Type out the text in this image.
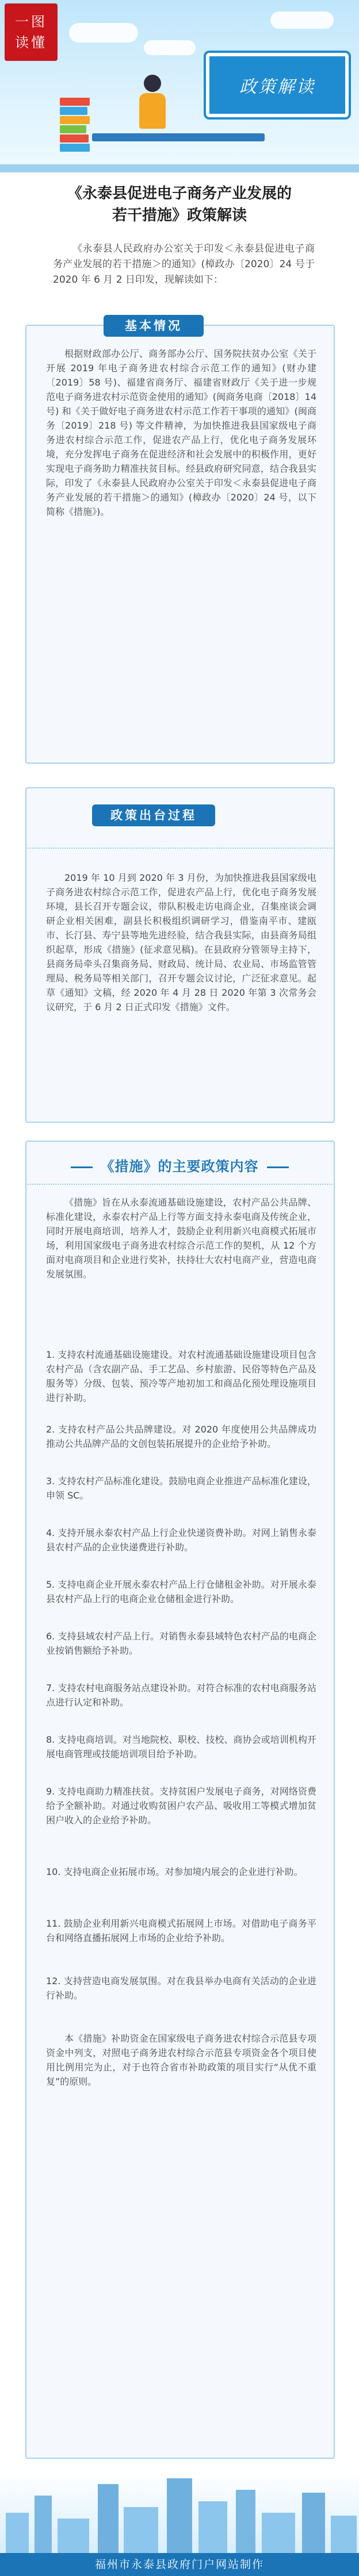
一图
读懂
政策解读
《永泰县促进电子商务产业发展的
若干措施》政策解读
《永泰县人民政府办公室关于印发＜永泰县促进电子商务产业发展的若干措施＞的通知》(樟政办〔2020〕24 号于 2020 年 6 月 2 日印发，现解读如下：
基本情况
根据财政部办公厅、商务部办公厅、国务院扶贫办公室《关于开展 2019 年电子商务进农村综合示范工作的通知》(财办建〔2019〕58 号)、福建省商务厅、福建省财政厅《关于进一步规范电子商务进农村示范资金使用的通知》(闽商务电商〔2018〕14 号) 和《关于做好电子商务进农村示范工作若干事项的通知》(闽商务〔2019〕218 号) 等文件精神，为加快推进我县国家级电子商务进农村综合示范工作，促进农产品上行，优化电子商务发展环境，充分发挥电子商务在促进经济和社会发展中的积极作用，更好实现电子商务助力精准扶贫目标。经县政府研究同意，结合我县实际，印发了《永泰县人民政府办公室关于印发＜永泰县促进电子商务产业发展的若干措施＞的通知》(樟政办〔2020〕24 号，以下简称《措施》)。
政策出台过程
2019 年 10 月到 2020 年 3 月份，为加快推进我县国家级电子商务进农村综合示范工作，促进农产品上行，优化电子商务发展环境，县长召开专题会议，带队积极走访电商企业，召集座谈会调研企业相关困难，副县长积极组织调研学习，借鉴南平市、建瓯市、长汀县、寿宁县等地先进经验，结合我县实际，由县商务局组织起草，形成《措施》(征求意见稿)。在县政府分管领导主持下，县商务局牵头召集商务局、财政局、统计局、农业局、市场监管管理局、税务局等相关部门，召开专题会议讨论，广泛征求意见。起草《通知》文稿，经 2020 年 4 月 28 日 2020 年第 3 次常务会议研究，于 6 月 2 日正式印发《措施》文件。
《措施》的主要政策内容
《措施》旨在从永泰流通基础设施建设，农村产品公共品牌、标准化建设，永泰农村产品上行等方面支持永泰电商及传统企业，同时开展电商培训，培养人才，鼓励企业利用新兴电商模式拓展市场，利用国家级电子商务进农村综合示范工作的契机，从 12 个方面对电商项目和企业进行奖补，扶持壮大农村电商产业，营造电商发展氛围。
1. 支持农村流通基础设施建设。对农村流通基础设施建设项目包含农村产品（含农副产品、手工艺品、乡村旅游、民俗等特色产品及服务等）分级、包装、预冷等产地初加工和商品化预处理设施项目进行补助。
2. 支持农村产品公共品牌建设。对 2020 年度使用公共品牌成功推动公共品牌产品的文创包装拓展提升的企业给予补助。
3. 支持农村产品标准化建设。鼓励电商企业推进产品标准化建设，申领 SC。
4. 支持开展永泰农村产品上行企业快递资费补助。对网上销售永泰县农村产品的企业快递费进行补助。
5. 支持电商企业开展永泰农村产品上行仓储租金补助。对开展永泰县农村产品上行的电商企业仓储租金进行补助。
6. 支持县域农村产品上行。对销售永泰县域特色农村产品的电商企业按销售额给予补助。
7. 支持农村电商服务站点建设补助。对符合标准的农村电商服务站点进行认定和补助。
8. 支持电商培训。对当地院校、职校、技校、商协会或培训机构开展电商管理或技能培训项目给予补助。
9. 支持电商助力精准扶贫。支持贫困户发展电子商务，对网络资费给予全额补助。对通过收购贫困户农产品、吸收用工等模式增加贫困户收入的企业给予补助。
10. 支持电商企业拓展市场。对参加境内展会的企业进行补助。
11. 鼓励企业利用新兴电商模式拓展网上市场。对借助电子商务平台和网络直播拓展网上市场的企业给予补助。
12. 支持营造电商发展氛围。对在我县举办电商有关活动的企业进行补助。
本《措施》补助资金在国家级电子商务进农村综合示范县专项资金中列支，对照电子商务进农村综合示范县专项资金各个项目使用比例用完为止，对于也符合省市补助政策的项目实行“从优不重复”的原则。
福州市永泰县政府门户网站制作
